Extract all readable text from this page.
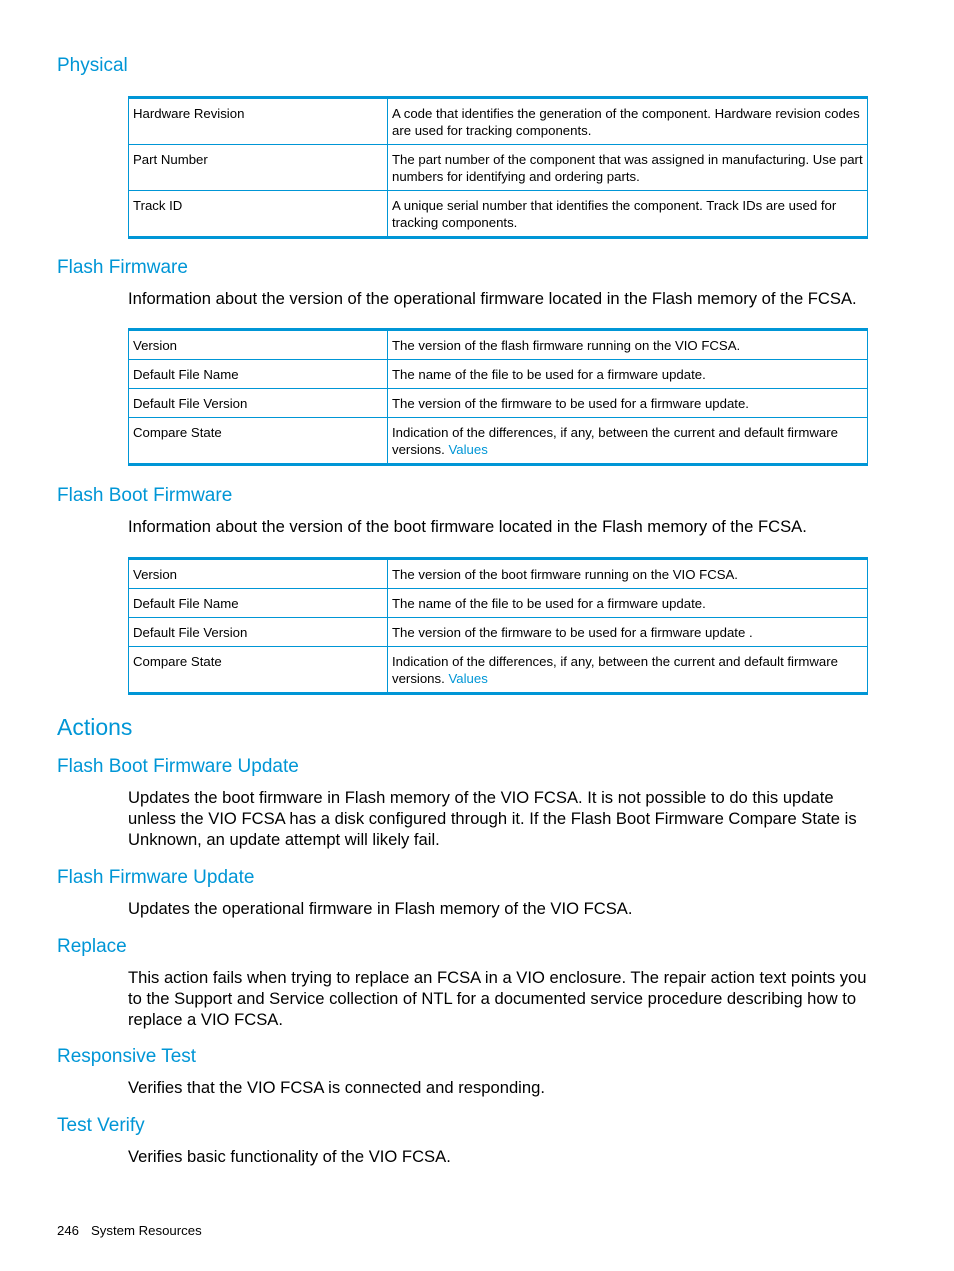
Physical
Hardware Revision	A code that identifies the generation of the component. Hardware revision codes are used for tracking components.
Part Number	The part number of the component that was assigned in manufacturing. Use part numbers for identifying and ordering parts.
Track ID	A unique serial number that identifies the component. Track IDs are used for tracking components.
Flash Firmware

Information about the version of the operational firmware located in the Flash memory of the FCSA.

Version	The version of the flash firmware running on the VIO FCSA.
Default File Name	The name of the file to be used for a firmware update.
Default File Version	The version of the firmware to be used for a firmware update.
Compare State	Indication of the differences, if any, between the current and default firmware versions. Values
Flash Boot Firmware

Information about the version of the boot firmware located in the Flash memory of the FCSA.

Version	The version of the boot firmware running on the VIO FCSA.
Default File Name	The name of the file to be used for a firmware update.
Default File Version	The version of the firmware to be used for a firmware update .
Compare State	Indication of the differences, if any, between the current and default firmware versions. Values
Actions
Flash Boot Firmware Update

Updates the boot firmware in Flash memory of the VIO FCSA. It is not possible to do this update unless the VIO FCSA has a disk configured through it. If the Flash Boot Firmware Compare State is Unknown, an update attempt will likely fail.

Flash Firmware Update

Updates the operational firmware in Flash memory of the VIO FCSA.

Replace

This action fails when trying to replace an FCSA in a VIO enclosure. The repair action text points you to the Support and Service collection of NTL for a documented service procedure describing how to replace a VIO FCSA.

Responsive Test

Verifies that the VIO FCSA is connected and responding.

Test Verify

Verifies basic functionality of the VIO FCSA.

246 System Resources
